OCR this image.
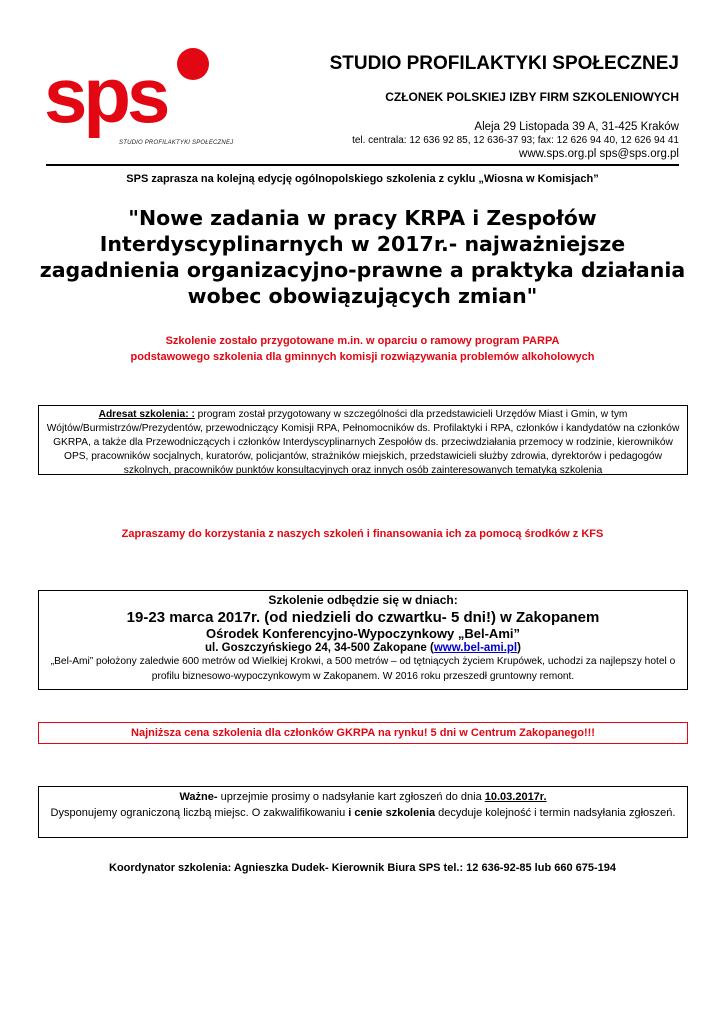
sps
STUDIO PROFILAKTYKI SPOŁECZNEJ
STUDIO PROFILAKTYKI SPOŁECZNEJ
CZŁONEK POLSKIEJ IZBY FIRM SZKOLENIOWYCH
Aleja 29 Listopada 39 A, 31-425 Kraków
tel. centrala: 12 636 92 85, 12 636-37 93; fax: 12 626 94 40, 12 626 94 41
www.sps.org.pl sps@sps.org.pl
SPS zaprasza na kolejną edycję ogólnopolskiego szkolenia z cyklu „Wiosna w Komisjach”
"Nowe zadania w pracy KRPA i Zespołów Interdyscyplinarnych w 2017r.- najważniejsze zagadnienia organizacyjno-prawne a praktyka działania wobec obowiązujących zmian"
Szkolenie zostało przygotowane m.in. w oparciu o ramowy program PARPA
podstawowego szkolenia dla gminnych komisji rozwiązywania problemów alkoholowych
Adresat szkolenia: : program został przygotowany w szczególności dla przedstawicieli Urzędów Miast i Gmin, w tym Wójtów/Burmistrzów/Prezydentów, przewodniczący Komisji RPA, Pełnomocników ds. Profilaktyki i RPA, członków i kandydatów na członków GKRPA, a także dla Przewodniczących i członków Interdyscyplinarnych Zespołów ds. przeciwdziałania przemocy w rodzinie, kierowników OPS, pracowników socjalnych, kuratorów, policjantów, strażników miejskich, przedstawicieli służby zdrowia, dyrektorów i pedagogów szkolnych, pracowników punktów konsultacyjnych oraz innych osób zainteresowanych tematyką szkolenia
Zapraszamy do korzystania z naszych szkoleń i finansowania ich za pomocą środków z KFS
Szkolenie odbędzie się w dniach:
19-23 marca 2017r. (od niedzieli do czwartku- 5 dni!) w Zakopanem
Ośrodek Konferencyjno-Wypoczynkowy „Bel-Ami”
ul. Goszczyńskiego 24, 34-500 Zakopane (www.bel-ami.pl)
„Bel-Ami” położony zaledwie 600 metrów od Wielkiej Krokwi, a 500 metrów – od tętniących życiem Krupówek, uchodzi za najlepszy hotel o profilu biznesowo-wypoczynkowym w Zakopanem. W 2016 roku przeszedł gruntowny remont.
Najniższa cena szkolenia dla członków GKRPA na rynku! 5 dni w Centrum Zakopanego!!!
Ważne- uprzejmie prosimy o nadsyłanie kart zgłoszeń do dnia 10.03.2017r.
Dysponujemy ograniczoną liczbą miejsc. O zakwalifikowaniu i cenie szkolenia decyduje kolejność i termin nadsyłania zgłoszeń.
Koordynator szkolenia: Agnieszka Dudek- Kierownik Biura SPS tel.: 12 636-92-85 lub 660 675-194
